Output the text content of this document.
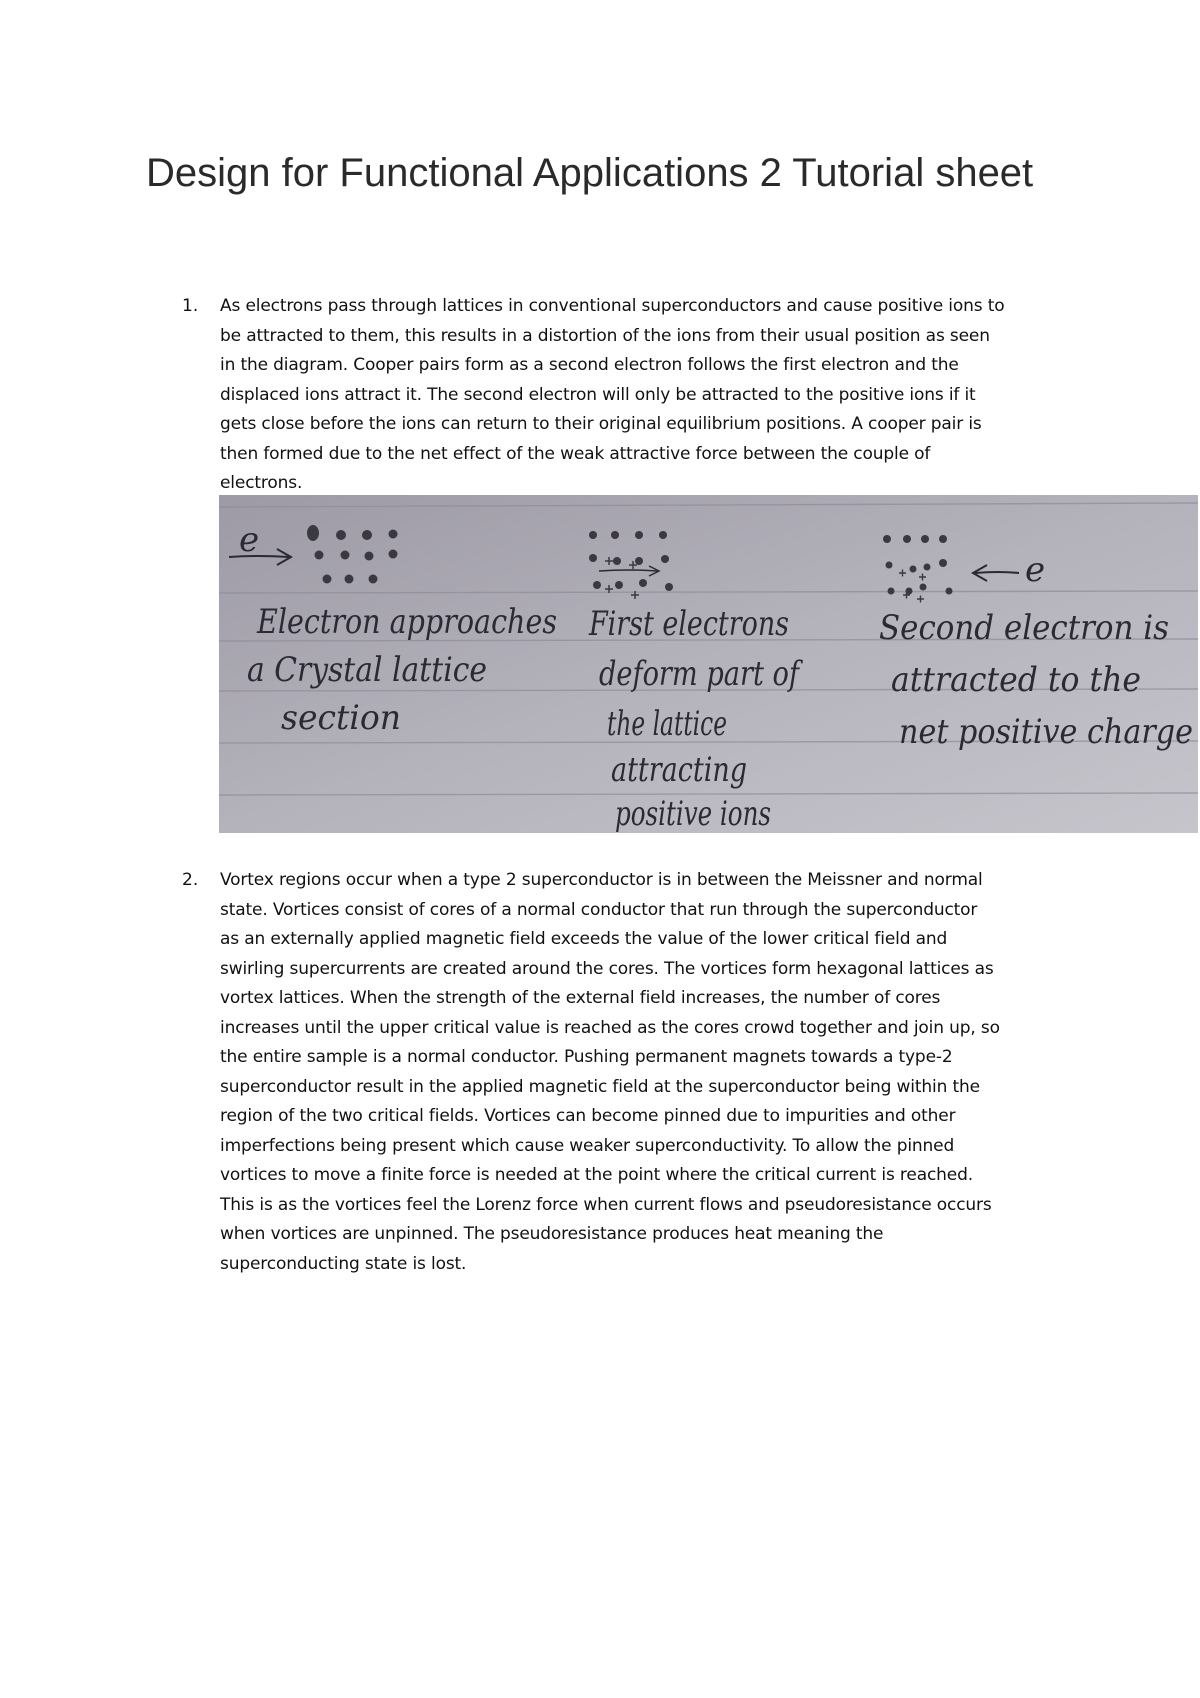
Design for Functional Applications 2 Tutorial sheet
1. As electrons pass through lattices in conventional superconductors and cause positive ions to
be attracted to them, this results in a distortion of the ions from their usual position as seen
in the diagram. Cooper pairs form as a second electron follows the first electron and the
displaced ions attract it. The second electron will only be attracted to the positive ions if it
gets close before the ions can return to their original equilibrium positions. A cooper pair is
then formed due to the net effect of the weak attractive force between the couple of
electrons.

e
e
Electron approaches
a Crystal lattice
section
First electrons
deform part of
the lattice
attracting
positive ions
Second electron is
attracted to the
net positive charge
2. Vortex regions occur when a type 2 superconductor is in between the Meissner and normal
state. Vortices consist of cores of a normal conductor that run through the superconductor
as an externally applied magnetic field exceeds the value of the lower critical field and
swirling supercurrents are created around the cores. The vortices form hexagonal lattices as
vortex lattices. When the strength of the external field increases, the number of cores
increases until the upper critical value is reached as the cores crowd together and join up, so
the entire sample is a normal conductor. Pushing permanent magnets towards a type-2
superconductor result in the applied magnetic field at the superconductor being within the
region of the two critical fields. Vortices can become pinned due to impurities and other
imperfections being present which cause weaker superconductivity. To allow the pinned
vortices to move a finite force is needed at the point where the critical current is reached.
This is as the vortices feel the Lorenz force when current flows and pseudoresistance occurs
when vortices are unpinned. The pseudoresistance produces heat meaning the
superconducting state is lost.
